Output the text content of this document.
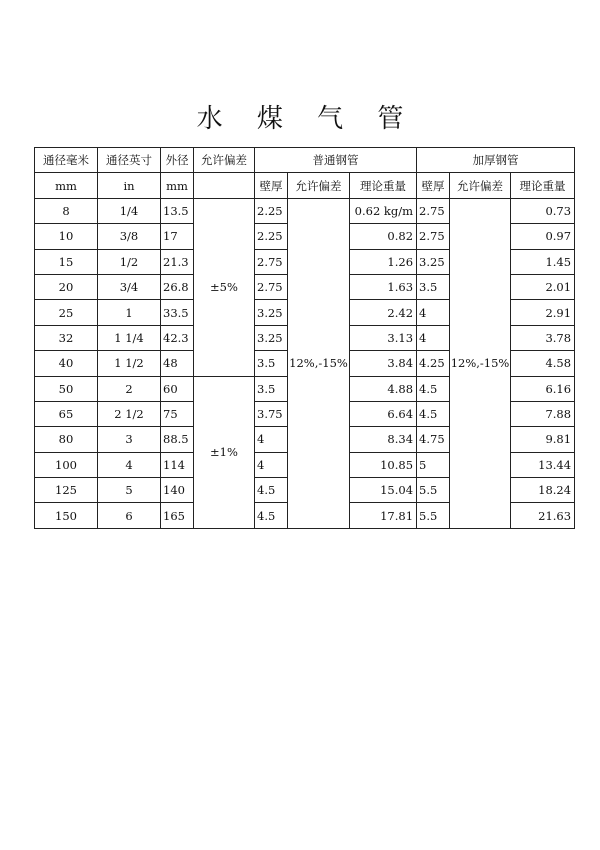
水 煤 气 管
通径毫米	通径英寸	外径	允许偏差	普通钢管			加厚钢管		
mm	in	mm		壁厚	允许偏差	理论重量	壁厚	允许偏差	理论重量
8	1/4	13.5	±5%	2.25	12%,-15%	0.62 kg/m	2.75	12%,-15%	0.73
10	3/8	17		2.25		0.82	2.75		0.97
15	1/2	21.3		2.75		1.26	3.25		1.45
20	3/4	26.8		2.75		1.63	3.5		2.01
25	1	33.5		3.25		2.42	4		2.91
32	1 1/4	42.3		3.25		3.13	4		3.78
40	1 1/2	48		3.5		3.84	4.25		4.58
50	2	60	±1%	3.5		4.88	4.5		6.16
65	2 1/2	75		3.75		6.64	4.5		7.88
80	3	88.5		4		8.34	4.75		9.81
100	4	114		4		10.85	5		13.44
125	5	140		4.5		15.04	5.5		18.24
150	6	165		4.5		17.81	5.5		21.63
